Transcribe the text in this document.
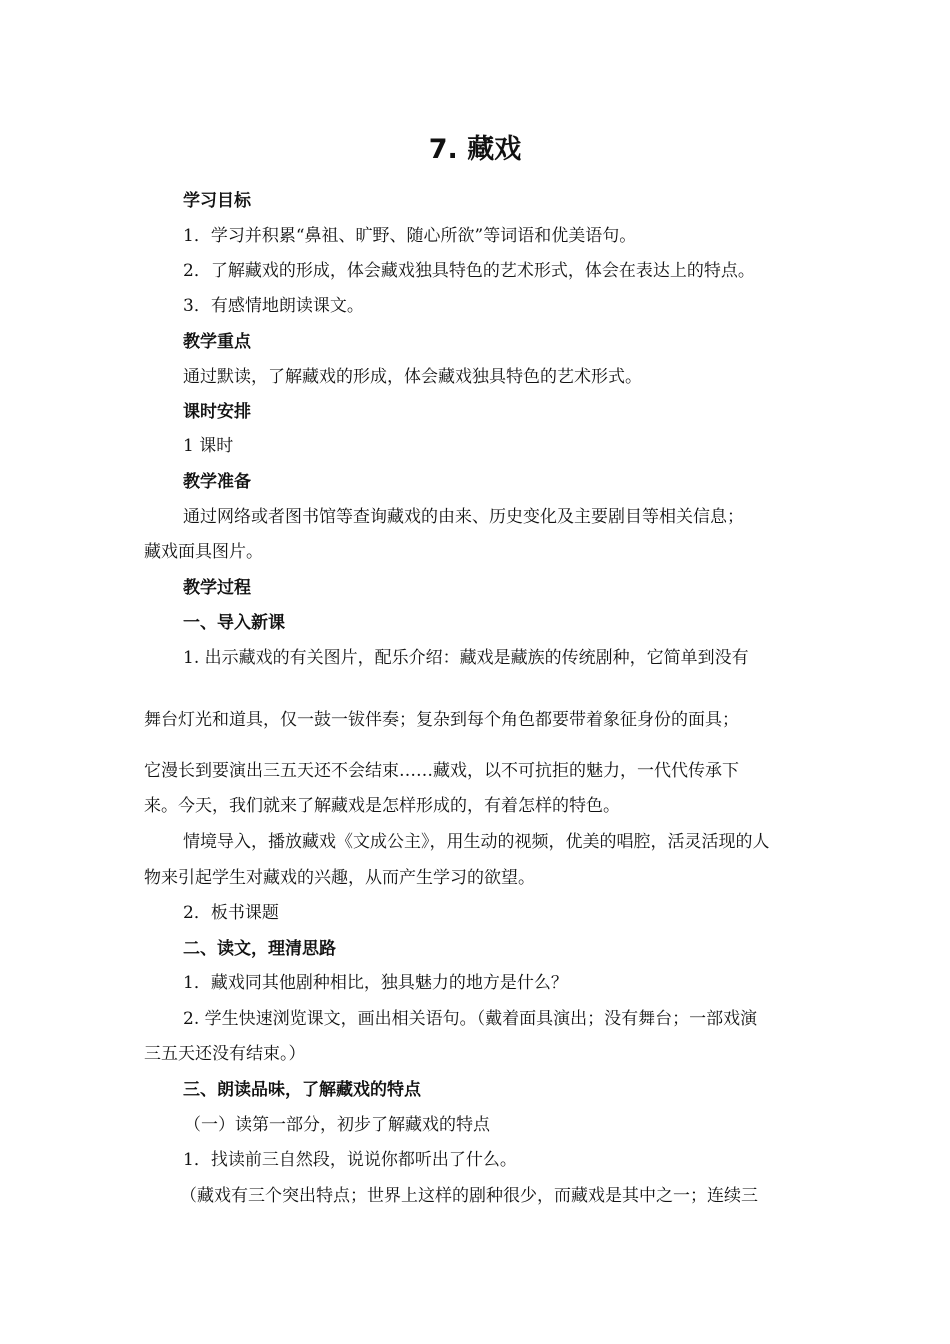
7. 藏戏
学习目标
1．学习并积累“鼻祖、旷野、随心所欲”等词语和优美语句。
2．了解藏戏的形成，体会藏戏独具特色的艺术形式，体会在表达上的特点。
3．有感情地朗读课文。
教学重点
通过默读，了解藏戏的形成，体会藏戏独具特色的艺术形式。
课时安排
1 课时
教学准备
通过网络或者图书馆等查询藏戏的由来、历史变化及主要剧目等相关信息；
藏戏面具图片。
教学过程
一、导入新课
1. 出示藏戏的有关图片，配乐介绍：藏戏是藏族的传统剧种，它简单到没有
舞台灯光和道具，仅一鼓一钹伴奏；复杂到每个角色都要带着象征身份的面具；
它漫长到要演出三五天还不会结束……藏戏，以不可抗拒的魅力，一代代传承下
来。今天，我们就来了解藏戏是怎样形成的，有着怎样的特色。
情境导入，播放藏戏《文成公主》，用生动的视频，优美的唱腔，活灵活现的人
物来引起学生对藏戏的兴趣，从而产生学习的欲望。
2．板书课题
二、读文，理清思路
1．藏戏同其他剧种相比，独具魅力的地方是什么？
2. 学生快速浏览课文，画出相关语句。（戴着面具演出；没有舞台；一部戏演
三五天还没有结束。）
三、朗读品味，了解藏戏的特点
（一）读第一部分，初步了解藏戏的特点
1．找读前三自然段，说说你都听出了什么。
（藏戏有三个突出特点；世界上这样的剧种很少，而藏戏是其中之一；连续三
